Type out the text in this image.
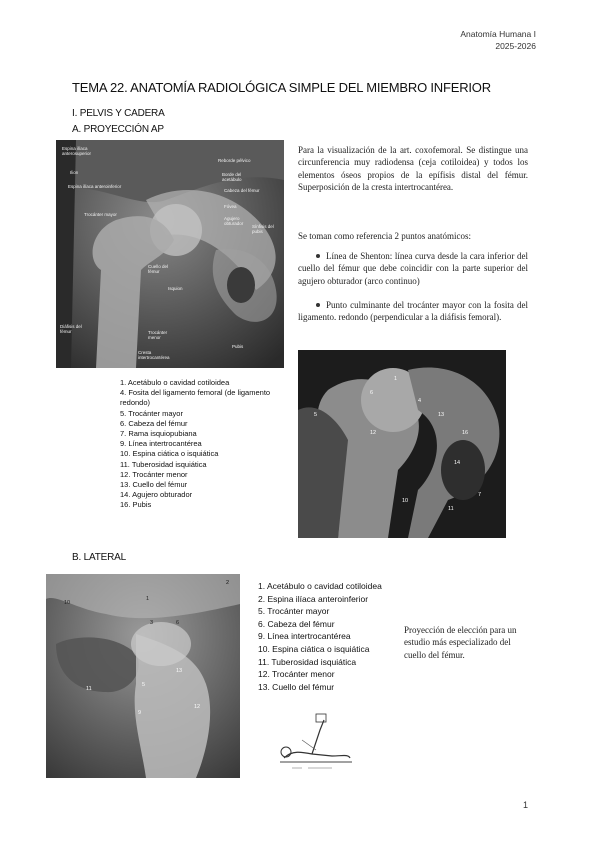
Anatomía Humana I
2025-2026
TEMA 22. ANATOMÍA RADIOLÓGICA SIMPLE DEL MIEMBRO INFERIOR
I. PELVIS Y CADERA
A. PROYECCIÓN AP
Espina ilíaca anterosuperior
Ilion
Espina ilíaca anteroinferior
Trocánter mayor
Reborde pélvico
Borde del acetábulo
Cabeza del fémur
Fóvea
Agujero obturador
Sínfisis del pubis
Cuello del fémur
Isquion
Diáfisis del fémur	Trocánter menor
Cresta intertrocantérea
Pubis
1. Acetábulo o cavidad cotiloidea
4. Fosita del ligamento femoral (de ligamento
redondo)
5. Trocánter mayor
6. Cabeza del fémur
7. Rama isquiopubiana
9. Línea intertrocantérea
10. Espina ciática o isquiática
11. Tuberosidad isquiática
12. Trocánter menor
13. Cuello del fémur
14. Agujero obturador
16. Pubis
Para la visualización de la art. coxofemoral. Se distingue una circunferencia muy radiodensa (ceja cotiloidea) y todos los elementos óseos propios de la epífisis distal del fémur. Superposición de la cresta intertrocantérea.
Se toman como referencia 2 puntos anatómicos:
Línea de Shenton: línea curva desde la cara inferior del cuello del fémur que debe coincidir con la parte superior del agujero obturador (arco continuo)
Punto culminante del trocánter mayor con la fosita del ligamento. redondo (perpendicular a la diáfisis femoral).
1
6
4
5	13
16
14
7
11
10
12
B. LATERAL
2
10
1
3	6
13
11
5
9
12
1. Acetábulo o cavidad cotiloidea
2. Espina ilíaca anteroinferior
5. Trocánter mayor
6. Cabeza del fémur
9. Línea intertrocantérea
10. Espina ciática o isquiática
11. Tuberosidad isquiática
12. Trocánter menor
13. Cuello del fémur
Proyección de elección para un estudio más especializado del cuello del fémur.
1
